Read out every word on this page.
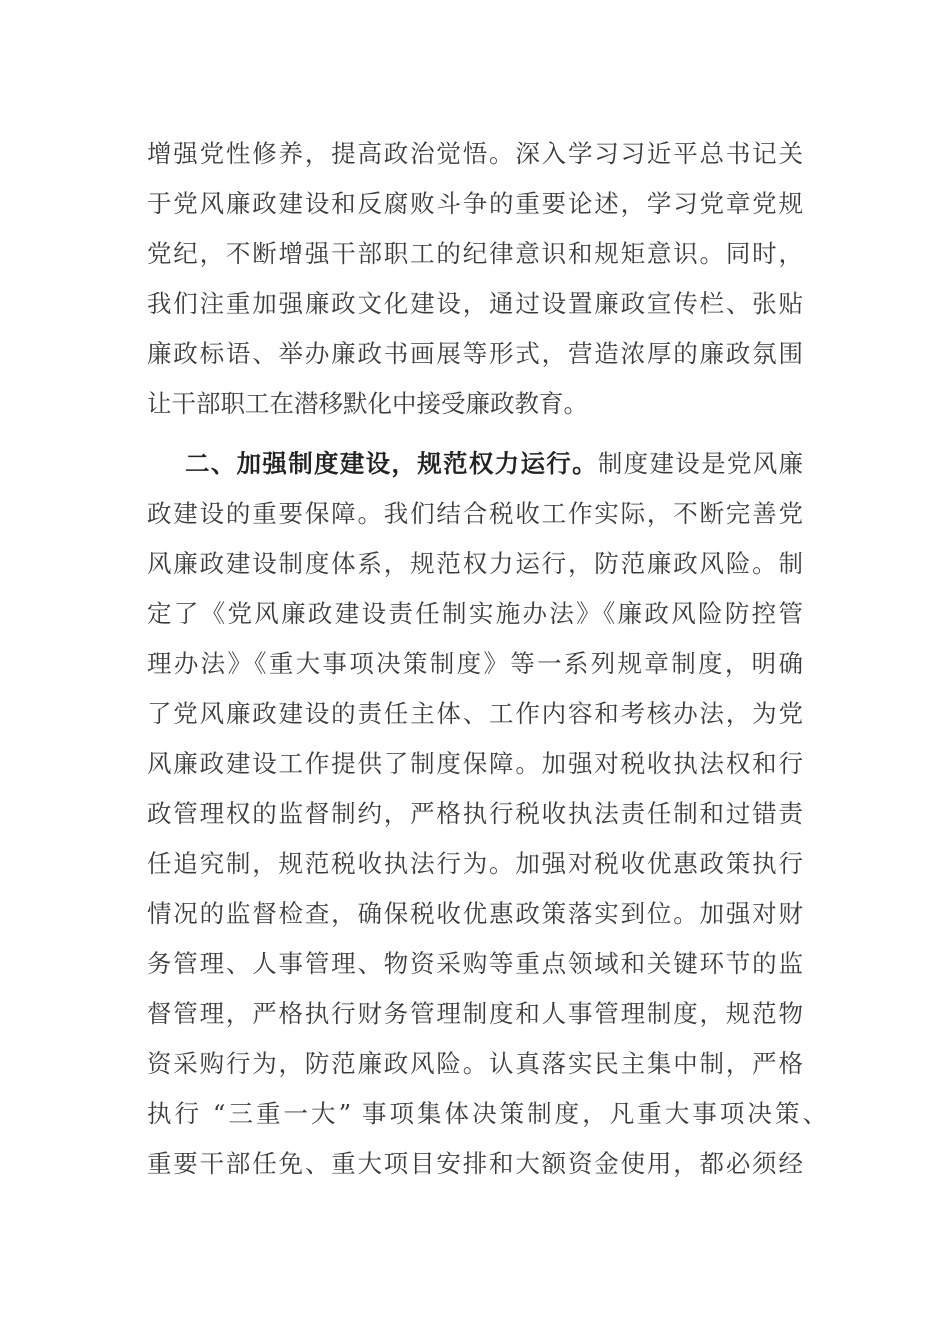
增强党性修养，提高政治觉悟。深入学习习近平总书记关
于党风廉政建设和反腐败斗争的重要论述，学习党章党规
党纪，不断增强干部职工的纪律意识和规矩意识。同时，
我们注重加强廉政文化建设，通过设置廉政宣传栏、张贴
廉政标语、举办廉政书画展等形式，营造浓厚的廉政氛围
让干部职工在潜移默化中接受廉政教育。
二、加强制度建设，规范权力运行。制度建设是党风廉
政建设的重要保障。我们结合税收工作实际，不断完善党
风廉政建设制度体系，规范权力运行，防范廉政风险。制
定了《党风廉政建设责任制实施办法》《廉政风险防控管
理办法》《重大事项决策制度》等一系列规章制度，明确
了党风廉政建设的责任主体、工作内容和考核办法，为党
风廉政建设工作提供了制度保障。加强对税收执法权和行
政管理权的监督制约，严格执行税收执法责任制和过错责
任追究制，规范税收执法行为。加强对税收优惠政策执行
情况的监督检查，确保税收优惠政策落实到位。加强对财
务管理、人事管理、物资采购等重点领域和关键环节的监
督管理，严格执行财务管理制度和人事管理制度，规范物
资采购行为，防范廉政风险。认真落实民主集中制，严格
执行 “三重一大” 事项集体决策制度，凡重大事项决策、
重要干部任免、重大项目安排和大额资金使用，都必须经
